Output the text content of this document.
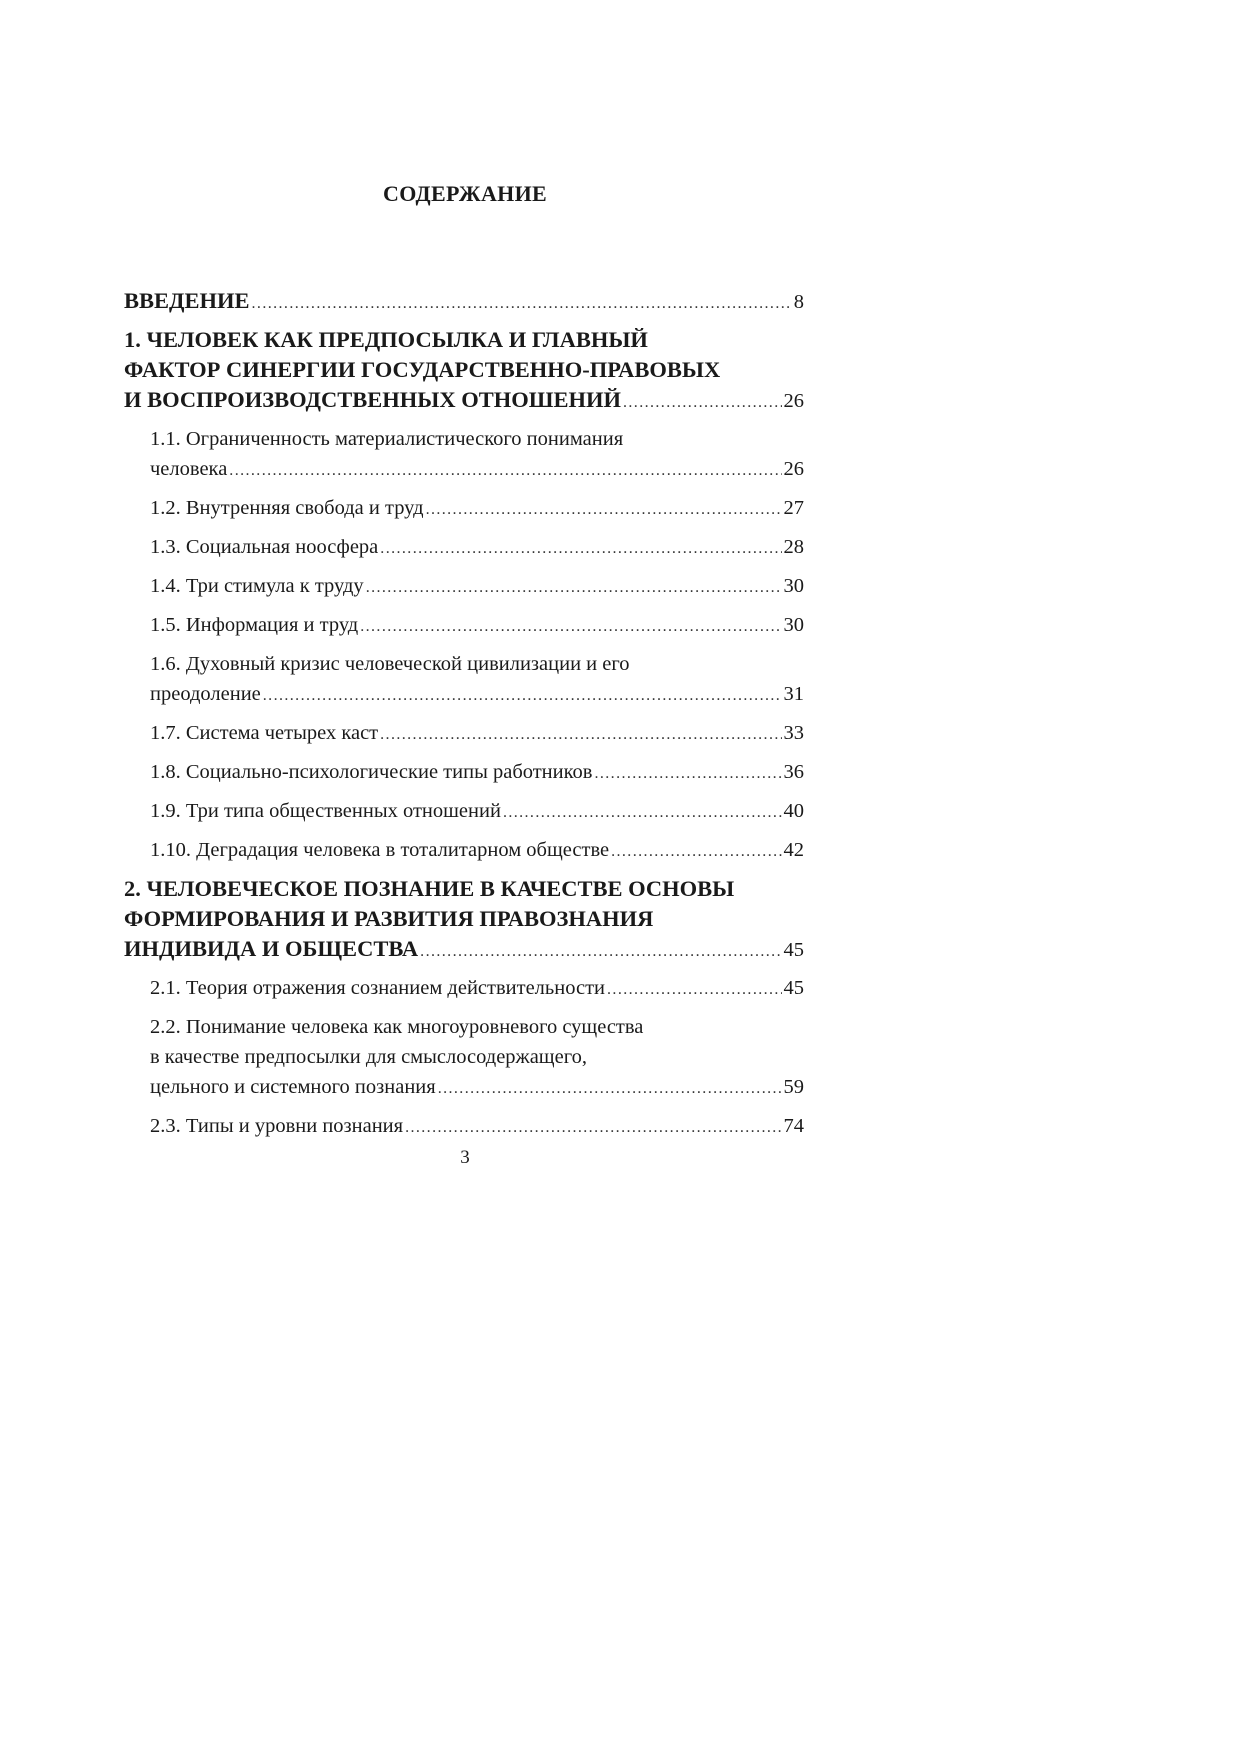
СОДЕРЖАНИЕ
ВВЕДЕНИЕ .....	8
1. ЧЕЛОВЕК КАК ПРЕДПОСЫЛКА И ГЛАВНЫЙ
ФАКТОР СИНЕРГИИ ГОСУДАРСТВЕННО-ПРАВОВЫХ
И ВОСПРОИЗВОДСТВЕННЫХ ОТНОШЕНИЙ .....	26
1.1. Ограниченность материалистического понимания
человека .....	26
1.2. Внутренняя свобода и труд .....	27
1.3. Социальная ноосфера .....	28
1.4. Три стимула к труду .....	30
1.5. Информация и труд .....	30
1.6. Духовный кризис человеческой цивилизации и его
преодоление .....	31
1.7. Система четырех каст .....	33
1.8. Социально-психологические типы работников .....	36
1.9. Три типа общественных отношений .....	40
1.10. Деградация человека в тоталитарном обществе .....	42
2. ЧЕЛОВЕЧЕСКОЕ ПОЗНАНИЕ В КАЧЕСТВЕ ОСНОВЫ
ФОРМИРОВАНИЯ И РАЗВИТИЯ ПРАВОЗНАНИЯ
ИНДИВИДА И ОБЩЕСТВА .....	45
2.1. Теория отражения сознанием действительности .....	45
2.2. Понимание человека как многоуровневого существа
в качестве предпосылки для смыслосодержащего,
цельного и системного познания .....	59
2.3. Типы и уровни познания .....	74
3
